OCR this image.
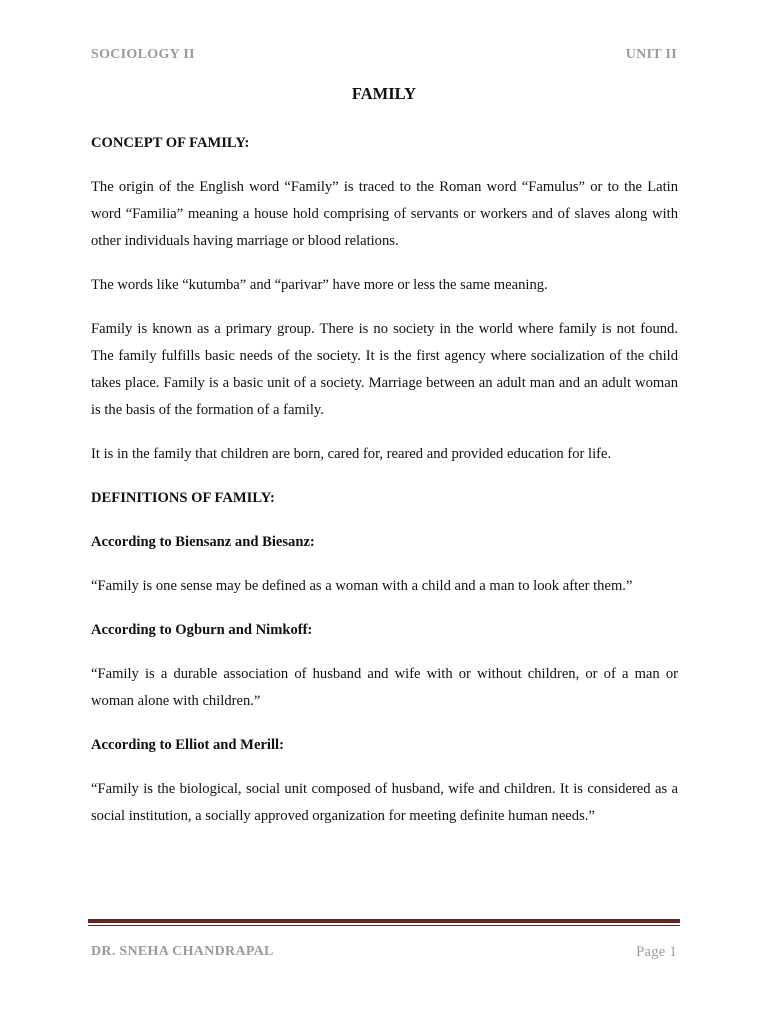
SOCIOLOGY II	UNIT II
FAMILY
CONCEPT OF FAMILY:

The origin of the English word “Family” is traced to the Roman word “Famulus” or to the Latin word “Familia” meaning a house hold comprising of servants or workers and of slaves along with other individuals having marriage or blood relations.

The words like “kutumba” and “parivar” have more or less the same meaning.

Family is known as a primary group. There is no society in the world where family is not found. The family fulfills basic needs of the society. It is the first agency where socialization of the child takes place. Family is a basic unit of a society. Marriage between an adult man and an adult woman is the basis of the formation of a family.

It is in the family that children are born, cared for, reared and provided education for life.

DEFINITIONS OF FAMILY:
According to Biensanz and Biesanz:

“Family is one sense may be defined as a woman with a child and a man to look after them.”

According to Ogburn and Nimkoff:

“Family is a durable association of husband and wife with or without children, or of a man or woman alone with children.”

According to Elliot and Merill:

“Family is the biological, social unit composed of husband, wife and children. It is considered as a social institution, a socially approved organization for meeting definite human needs.”

DR. SNEHA CHANDRAPAL	Page 1
